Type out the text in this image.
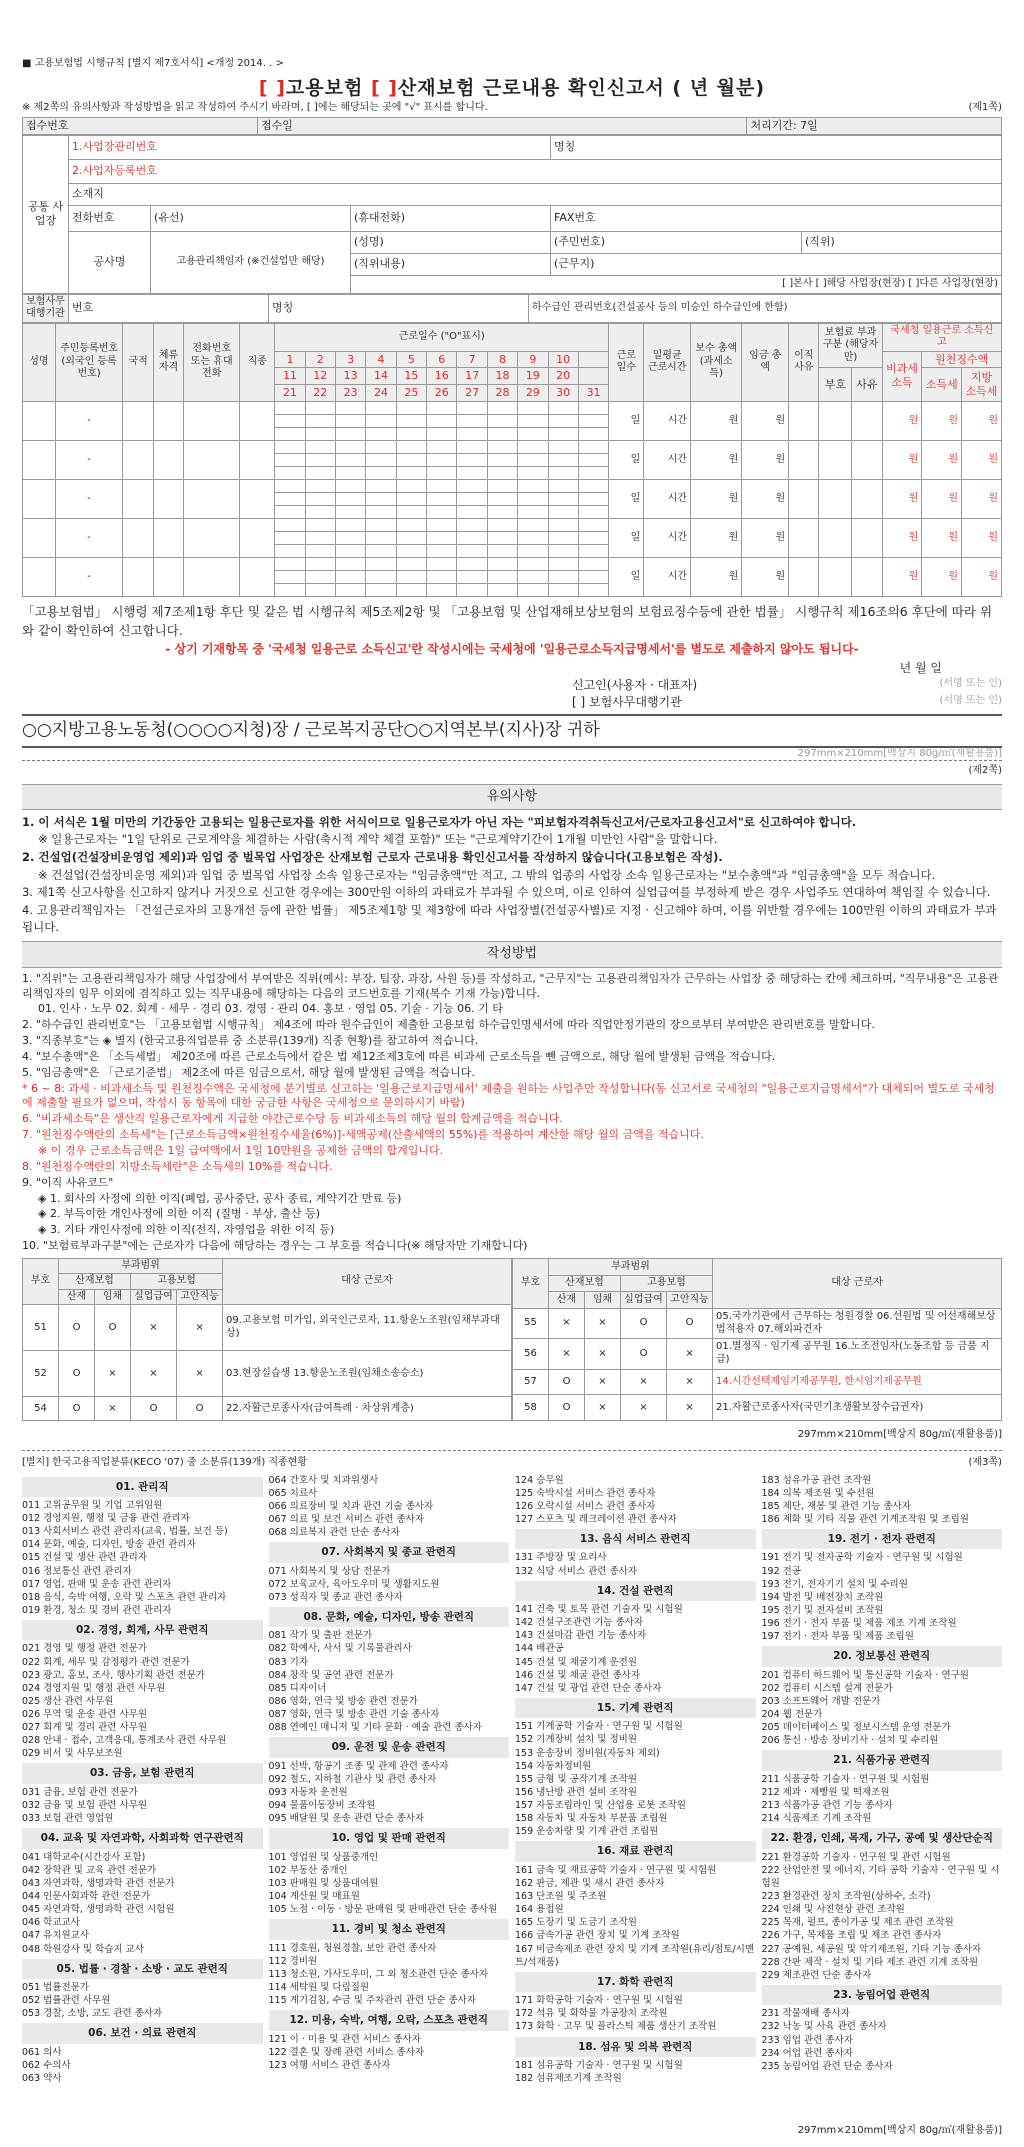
■ 고용보험법 시행규칙 [별지 제7호서식] <개정 2014. . >
[ ]고용보험 [ ]산재보험 근로내용 확인신고서 ( 년 월분)
※ 제2쪽의 유의사항과 작성방법을 읽고 작성하여 주시기 바라며, [ ]에는 해당되는 곳에 "√" 표시를 합니다.	(제1쪽)
접수번호	접수일	처리기간: 7일
공통 사업장	1.사업장관리번호			명칭	
	2.사업자등록번호				
	소재지				
	전화번호	(유선)	(휴대전화)	FAX번호	
	공사명	고용관리책임자 (※건설업만 해당)	(성명)	(주민번호)	(직위)
			(직위내용)	(근무지)	
			[ ]본사 [ ]해당 사업장(현장) [ ]다른 사업장(현장)		
보험사무 대행기관	번호	명칭	하수급인 관리번호(건설공사 등의 미승인 하수급인에 한함)
성명	주민등록번호 (외국인 등록번호)	국적	체류 자격	전화번호 또는 휴대전화	직종	근로일수 ("O"표시)											근로 일수	일평균 근로시간	보수 총액 (과세소득)	임금 총액	이직 사유	보험료 부과구분 (해당자만)		국세청 일용근로 소득신고		
						1	2	3	4	5	6	7	8	9	10									비과세 소득	원천징수액	
						11	12	13	14	15	16	17	18	19	20							부호	사유		소득세	지방 소득세
						21	22	23	24	25	26	27	28	29	30	31										
	-																일	시간	원	원				원	원	원

	-																일	시간	원	원				원	원	원

	-																일	시간	원	원				원	원	원

	-																일	시간	원	원				원	원	원

	-																일	시간	원	원				원	원	원

「고용보험법」 시행령 제7조제1항 후단 및 같은 법 시행규칙 제5조제2항 및 「고용보험 및 산업재해보상보험의 보험료징수등에 관한 법률」 시행규칙 제16조의6 후단에 따라 위와 같이 확인하여 신고합니다.
- 상기 기재항목 중 '국세청 일용근로 소득신고'란 작성시에는 국세청에 '일용근로소득지급명세서'를 별도로 제출하지 않아도 됩니다-
년 월 일
신고인(사용자 · 대표자)	(서명 또는 인)
[ ] 보험사무대행기관	(서명 또는 인)
○○지방고용노동청(○○○○지청)장 / 근로복지공단○○지역본부(지사)장 귀하
297mm×210mm[백상지 80g/㎡(재활용품)]
(제2쪽)
유의사항

1. 이 서식은 1월 미만의 기간동안 고용되는 일용근로자를 위한 서식이므로 일용근로자가 아닌 자는 "피보험자격취득신고서/근로자고용신고서"로 신고하여야 합니다.

※ 일용근로자는 "1일 단위로 근로계약을 체결하는 사람(축시적 계약 체결 포함)" 또는 "근로계약기간이 1개월 미만인 사람"을 말합니다.

2. 건설업(건설장비운영업 제외)과 임업 중 벌목업 사업장은 산재보험 근로자 근로내용 확인신고서를 작성하지 않습니다(고용보험은 작성).

※ 건설업(건설장비운영 제외)과 임업 중 벌목업 사업장 소속 일용근로자는 "임금총액"만 적고, 그 밖의 업종의 사업장 소속 일용근로자는 "보수총액"과 "임금총액"을 모두 적습니다.

3. 제1쪽 신고사항을 신고하지 않거나 거짓으로 신고한 경우에는 300만원 이하의 과태료가 부과될 수 있으며, 이로 인하여 실업급여를 부정하게 받은 경우 사업주도 연대하여 책임질 수 있습니다.

4. 고용관리책임자는 「건설근로자의 고용개선 등에 관한 법률」 제5조제1항 및 제3항에 따라 사업장별(건설공사별)로 지정 · 신고해야 하며, 이를 위반할 경우에는 100만원 이하의 과태료가 부과됩니다.

작성방법

1. "직위"는 고용관리책임자가 해당 사업장에서 부여받은 직위(예시: 부장, 팀장, 과장, 사원 등)를 작성하고, "근무지"는 고용관리책임자가 근무하는 사업장 중 해당하는 칸에 체크하며, "직무내용"은 고용관리책임자의 임무 이외에 겸직하고 있는 직무내용에 해당하는 다음의 코드번호를 기재(복수 기재 가능)합니다.

01. 인사 · 노무 02. 회계 · 세무 · 경리 03. 경영 · 관리 04. 홍보 · 영업 05. 기술 · 기능 06. 기 타

2. "하수급인 관리번호"는 「고용보험법 시행규칙」 제4조에 따라 원수급인이 제출한 고용보험 하수급인명세서에 따라 직업안정기관의 장으로부터 부여받은 관리번호를 말합니다.

3. "직종부호"는 ◈ 별지 (한국고용직업분류 중 소분류(139개) 직종 현황)를 참고하여 적습니다.

4. "보수총액"은 「소득세법」 제20조에 따른 근로소득에서 같은 법 제12조제3호에 따른 비과세 근로소득을 뺀 금액으로, 해당 월에 발생된 금액을 적습니다.

5. "임금총액"은 「근로기준법」 제2조에 따른 임금으로서, 해당 월에 발생된 금액을 적습니다.

* 6 ~ 8: 과세 · 비과세소득 및 원천징수액은 국세청에 분기별로 신고하는 '일용근로지급명세서' 제출을 원하는 사업주만 작성합니다(동 신고서로 국세청의 "일용근로지급명세서"가 대체되어 별도로 국세청에 제출할 필요가 없으며, 작성시 동 항목에 대한 궁금한 사항은 국세청으로 문의하시기 바람)

6. "비과세소득"은 생산직 일용근로자에게 지급한 야간근로수당 등 비과세소득의 해당 월의 합계금액을 적습니다.

7. "원천징수액란의 소득세"는 [근로소득금액×원천징수세율(6%)]-세액공제(산출세액의 55%)를 적용하여 계산한 해당 월의 금액을 적습니다.

※ 이 경우 근로소득금액은 1일 급여액에서 1일 10만원을 공제한 금액의 합계입니다.

8. "원천징수액란의 지방소득세란"은 소득세의 10%를 적습니다.

9. "이직 사유코드"

◈ 1. 회사의 사정에 의한 이직(폐업, 공사중단, 공사 종료, 계약기간 만료 등)

◈ 2. 부득이한 개인사정에 의한 이직 (질병 · 부상, 출산 등)

◈ 3. 기타 개인사정에 의한 이직(전직, 자영업을 위한 이직 등)

10. "보험료부과구분"에는 근로자가 다음에 해당하는 경우는 그 부호를 적습니다(※ 해당자만 기재합니다)

부호	부과범위				대상 근로자
	산재보험		고용보험		
	산재	임채	실업급여	고안직능	
51	O	O	×	×	09.고용보험 미가입, 외국인근로자, 11.항운노조원(임채부과대상)
52	O	×	×	×	03.현장실습생 13.항운노조원(임채소송승소)
54	O	×	O	O	22.자활근로종사자(급여특례 · 차상위계층)
부호	부과범위				대상 근로자
	산재보험		고용보험		
	산재	임채	실업급여	고안직능	
55	×	×	O	O	05.국가기관에서 근무하는 청원경찰 06.선원법 및 어선재해보상법적용자 07.해외파견자
56	×	×	O	×	01.별정직 · 임기제 공무원 16.노조전임자(노동조합 등 금품 지급)
57	O	×	×	×	14.시간선택제임기제공무원, 한시임기제공무원
58	O	×	×	×	21.자활근로종사자(국민기초생활보장수급권자)
297mm×210mm[백상지 80g/㎡(재활용품)]
[별지] 한국고용직업분류(KECO '07) 중 소분류(139개) 직종현황	(제3쪽)
01. 관리직
011 고위공무원 및 기업 고위임원
012 경영지원, 행정 및 금융 관련 관리자
013 사회서비스 관련 관리자(교육, 법률, 보건 등)
014 문화, 예술, 디자인, 방송 관련 관리자
015 건설 및 생산 관련 관리자
016 정보통신 관련 관리자
017 영업, 판매 및 운송 관련 관리자
018 음식, 숙박 여행, 오락 및 스포츠 관련 관리자
019 환경, 청소 및 경비 관련 관리자
02. 경영, 회계, 사무 관련직
021 경영 및 행정 관련 전문가
022 회계, 세무 및 감정평가 관련 전문가
023 광고, 홍보, 조사, 행사기획 관련 전문가
024 경영지원 및 행정 관련 사무원
025 생산 관련 사무원
026 무역 및 운송 관련 사무원
027 회계 및 경리 관련 사무원
028 안내 · 접수, 고객응대, 통계조사 관련 사무원
029 비서 및 사무보조원
03. 금융, 보험 관련직
031 금융, 보험 관련 전문가
032 금융 및 보험 관련 사무원
033 보험 관련 영업원
04. 교육 및 자연과학, 사회과학 연구관련직
041 대학교수(시간강사 포함)
042 장학관 및 교육 관련 전문가
043 자연과학, 생명과학 관련 전문가
044 인문사회과학 관련 전문가
045 자연과학, 생명과학 관련 시험원
046 학교교사
047 유치원교사
048 학원강사 및 학습지 교사
05. 법률 · 경찰 · 소방 · 교도 관련직
051 법률전문가
052 법률관련 사무원
053 경찰, 소방, 교도 관련 종사자
06. 보건 · 의료 관련직
061 의사
062 수의사
063 약사
064 간호사 및 치과위생사
065 치료사
066 의료장비 및 치과 관련 기술 종사자
067 의료 및 보건 서비스 관련 종사자
068 의료복지 관련 단순 종사자
07. 사회복지 및 종교 관련직
071 사회복지 및 상담 전문가
072 보육교사, 육아도우미 및 생활지도원
073 성직자 및 종교 관련 종사자
08. 문화, 예술, 디자인, 방송 관련직
081 작가 및 출판 전문가
082 학예사, 사서 및 기록물관리사
083 기자
084 창작 및 공연 관련 전문가
085 디자이너
086 영화, 연극 및 방송 관련 전문가
087 영화, 연극 및 방송 관련 기술 종사자
088 연예인 매니저 및 기타 문화 · 예술 관련 종사자
09. 운전 및 운송 관련직
091 선박, 항공기 조종 및 관제 관련 종사자
092 철도, 지하철 기관사 및 관련 종사자
093 자동차 운전원
094 물품이동장비 조작원
095 배달원 및 운송 관련 단순 종사자
10. 영업 및 판매 관련직
101 영업원 및 상품중개인
102 부동산 중개인
103 판매원 및 상품대여원
104 계산원 및 매표원
105 노점 · 이동 · 방문 판매원 및 판매관련 단순 종사원
11. 경비 및 청소 관련직
111 경호원, 청원경찰, 보안 관련 종사자
112 경비원
113 청소원, 가사도우미, 그 외 청소관련 단순 종사자
114 세탁원 및 다림질원
115 계기검침, 수금 및 주차관리 관련 단순 종사자
12. 미용, 숙박, 여행, 오락, 스포츠 관련직
121 이 · 미용 및 관련 서비스 종사자
122 결혼 및 장례 관련 서비스 종사자
123 여행 서비스 관련 종사자
124 승무원
125 숙박시설 서비스 관련 종사자
126 오락시설 서비스 관련 종사자
127 스포츠 및 레크레이션 관련 종사자
13. 음식 서비스 관련직
131 주방장 및 요리사
132 식당 서비스 관련 종사자
14. 건설 관련직
141 건축 및 토목 관련 기술자 및 시험원
142 건설구조관련 기능 종사자
143 건설마감 관련 기능 종사자
144 배관공
145 건설 및 채굴기계 운전원
146 건설 및 채굴 관련 종사자
147 건설 및 광업 관련 단순 종사자
15. 기계 관련직
151 기계공학 기술자 · 연구원 및 시험원
152 기계장비 설치 및 정비원
153 운송장비 정비원(자동차 제외)
154 자동차정비원
155 금형 및 공작기계 조작원
156 냉난방 관련 설비 조작원
157 자동조립라인 및 산업용 로봇 조작원
158 자동차 및 자동차 부분품 조립원
159 운송차량 및 기계 관련 조립원
16. 재료 관련직
161 금속 및 재료공학 기술자 · 연구원 및 시험원
162 판금, 제관 및 새시 관련 종사자
163 단조원 및 주조원
164 용접원
165 도장기 및 도금기 조작원
166 금속가공 관련 장치 및 기계 조작원
167 비금속제조 관련 장치 및 기계 조작원(유리/점토/시멘트/석재품)
17. 화학 관련직
171 화학공학 기술자 · 연구원 및 시험원
172 석유 및 화학물 가공장치 조작원
173 화학 · 고무 및 플라스틱 제품 생산기 조작원
18. 섬유 및 의복 관련직
181 섬유공학 기술자 · 연구원 및 시험원
182 섬유제조기계 조작원
183 섬유가공 관련 조작원
184 의복 제조원 및 수선원
185 제단, 재봉 및 관련 기능 종사자
186 제화 및 기타 직물 관련 기계조작원 및 조립원
19. 전기 · 전자 관련직
191 전기 및 전자공학 기술자 · 연구원 및 시험원
192 전공
193 전기, 전자기기 설치 및 수리원
194 발전 및 배전장치 조작원
195 전기 및 전자설비 조작원
196 전기 · 전자 부품 및 제품 제조 기계 조작원
197 전기 · 전자 부품 및 제품 조립원
20. 정보통신 관련직
201 컴퓨터 하드웨어 및 통신공학 기술자 · 연구원
202 컴퓨터 시스템 설계 전문가
203 소프트웨어 개발 전문가
204 웹 전문가
205 데이터베이스 및 정보시스템 운영 전문가
206 통신 · 방송 장비기사 · 설치 및 수리원
21. 식품가공 관련직
211 식품공학 기술자 · 연구원 및 시험원
212 제과 · 제빵원 및 떡제조원
213 식품가공 관련 기능 종사자
214 식품제조 기계 조작원
22. 환경, 인쇄, 목재, 가구, 공예 및 생산단순직
221 환경공학 기술자 · 연구원 및 관련 시험원
222 산업안전 및 에너지, 기타 공학 기술자 · 연구원 및 시험원
223 환경관련 장치 조작원(상하수, 소각)
224 인쇄 및 사진현상 관련 조작원
225 목재, 펄프, 종이가공 및 제조 관련 조작원
226 가구, 목제품 조립 및 제조 관련 종사자
227 공예원, 세공원 및 악기제조원, 기타 기능 종사자
228 간판 제작 · 설치 및 기타 제조 관련 기계 조작원
229 제조관련 단순 종사자
23. 농림어업 관련직
231 작물재배 종사자
232 낙농 및 사육 관련 종사자
233 임업 관련 종사자
234 어업 관련 종사자
235 농림어업 관련 단순 종사자
297mm×210mm[백상지 80g/㎡(재활용품)]
